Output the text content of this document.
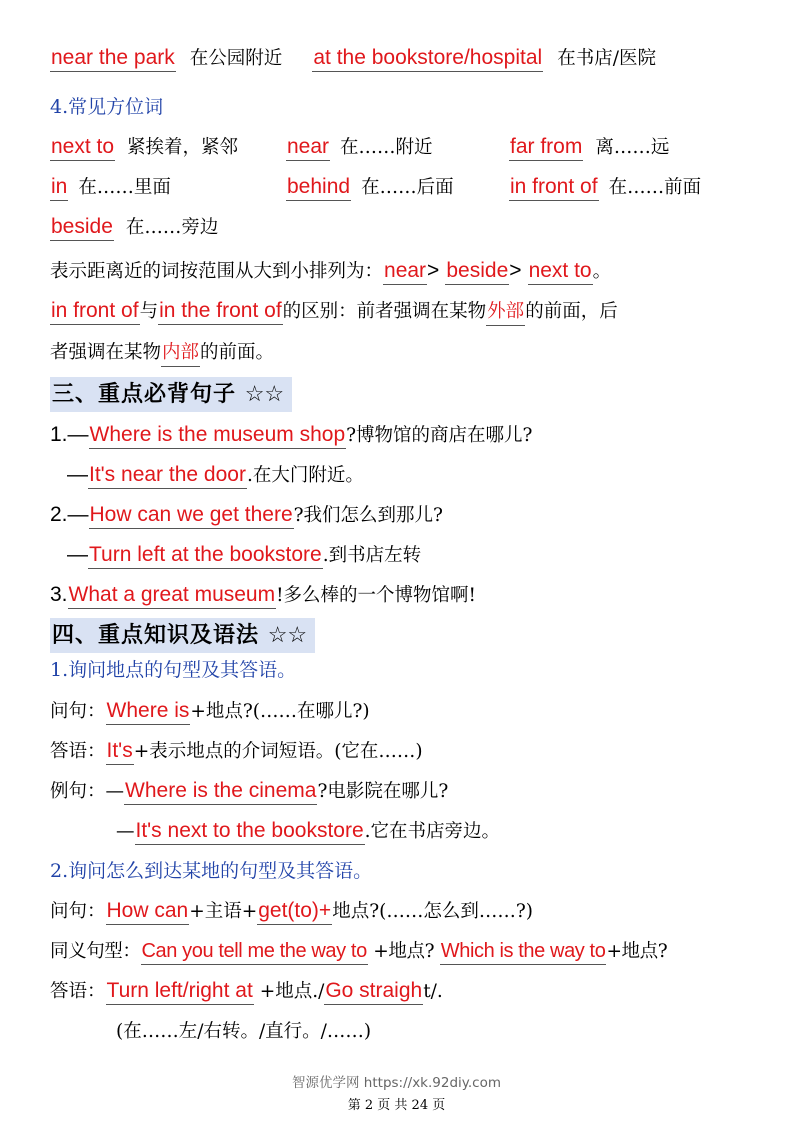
near the park 在公园附近 at the bookstore/hospital 在书店/医院
4.常见方位词
next to 紧挨着，紧邻 near 在……附近	far from 离……远
in 在……里面	behind 在……后面	in front of 在……前面
beside 在……旁边
表示距离近的词按范围从大到小排列为：near> beside> next to。
in front of与in the front of的区别：前者强调在某物外部的前面，后
者强调在某物内部的前面。
三、重点必背句子 ☆☆
1.—Where is the museum shop?博物馆的商店在哪儿?
—It's near the door.在大门附近。
2.—How can we get there?我们怎么到那儿?
—Turn left at the bookstore.到书店左转
3.What a great museum!多么棒的一个博物馆啊!
四、重点知识及语法 ☆☆
1.询问地点的句型及其答语。
问句：Where is+地点?(……在哪儿?)
答语：It's+表示地点的介词短语。(它在……)
例句：—Where is the cinema?电影院在哪儿?
—It's next to the bookstore.它在书店旁边。
2.询问怎么到达某地的句型及其答语。
问句：How can+主语+get(to)+地点?(……怎么到……?)
同义句型：Can you tell me the way to +地点? Which is the way to+地点?
答语：Turn left/right at +地点./Go straight/.
(在……左/右转。/直行。/……)
智源优学网 https://xk.92diy.com
第 2 页 共 24 页
